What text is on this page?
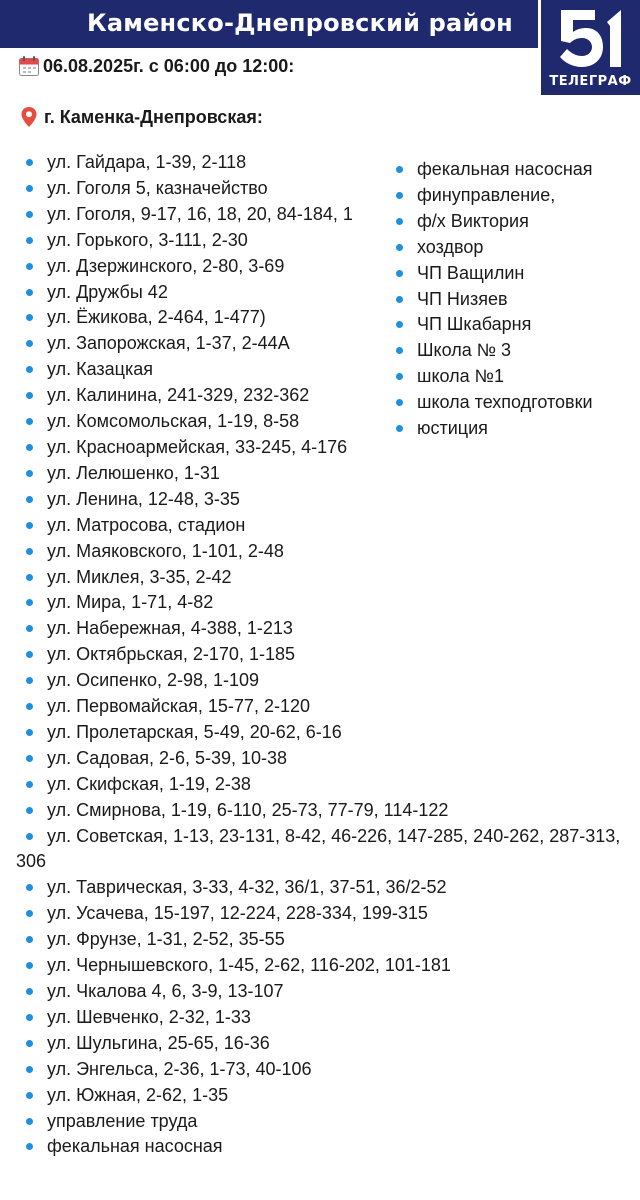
Каменско-Днепровский район
ТЕЛЕГРАФ
06.08.2025г. с 06:00 до 12:00:
г. Каменка-Днепровская:
ул. Гайдара, 1-39, 2-118
ул. Гоголя 5, казначейство
ул. Гоголя, 9-17, 16, 18, 20, 84-184, 1
ул. Горького, 3-111, 2-30
ул. Дзержинского, 2-80, 3-69
ул. Дружбы 42
ул. Ёжикова, 2-464, 1-477)
ул. Запорожская, 1-37, 2-44А
ул. Казацкая
ул. Калинина, 241-329, 232-362
ул. Комсомольская, 1-19, 8-58
ул. Красноармейская, 33-245, 4-176
ул. Лелюшенко, 1-31
ул. Ленина, 12-48, 3-35
ул. Матросова, стадион
ул. Маяковского, 1-101, 2-48
ул. Миклея, 3-35, 2-42
ул. Мира, 1-71, 4-82
ул. Набережная, 4-388, 1-213
ул. Октябрьская, 2-170, 1-185
ул. Осипенко, 2-98, 1-109
ул. Первомайская, 15-77, 2-120
ул. Пролетарская, 5-49, 20-62, 6-16
ул. Садовая, 2-6, 5-39, 10-38
ул. Скифская, 1-19, 2-38
ул. Смирнова, 1-19, 6-110, 25-73, 77-79, 114-122
ул. Советская, 1-13, 23-131, 8-42, 46-226, 147-285, 240-262, 287-313, 306
ул. Таврическая, 3-33, 4-32, 36/1, 37-51, 36/2-52
ул. Усачева, 15-197, 12-224, 228-334, 199-315
ул. Фрунзе, 1-31, 2-52, 35-55
ул. Чернышевского, 1-45, 2-62, 116-202, 101-181
ул. Чкалова 4, 6, 3-9, 13-107
ул. Шевченко, 2-32, 1-33
ул. Шульгина, 25-65, 16-36
ул. Энгельса, 2-36, 1-73, 40-106
ул. Южная, 2-62, 1-35
управление труда
фекальная насосная
фекальная насосная
финуправление,
ф/х Виктория
хоздвор
ЧП Ващилин
ЧП Низяев
ЧП Шкабарня
Школа № 3
школа №1
школа техподготовки
юстиция
